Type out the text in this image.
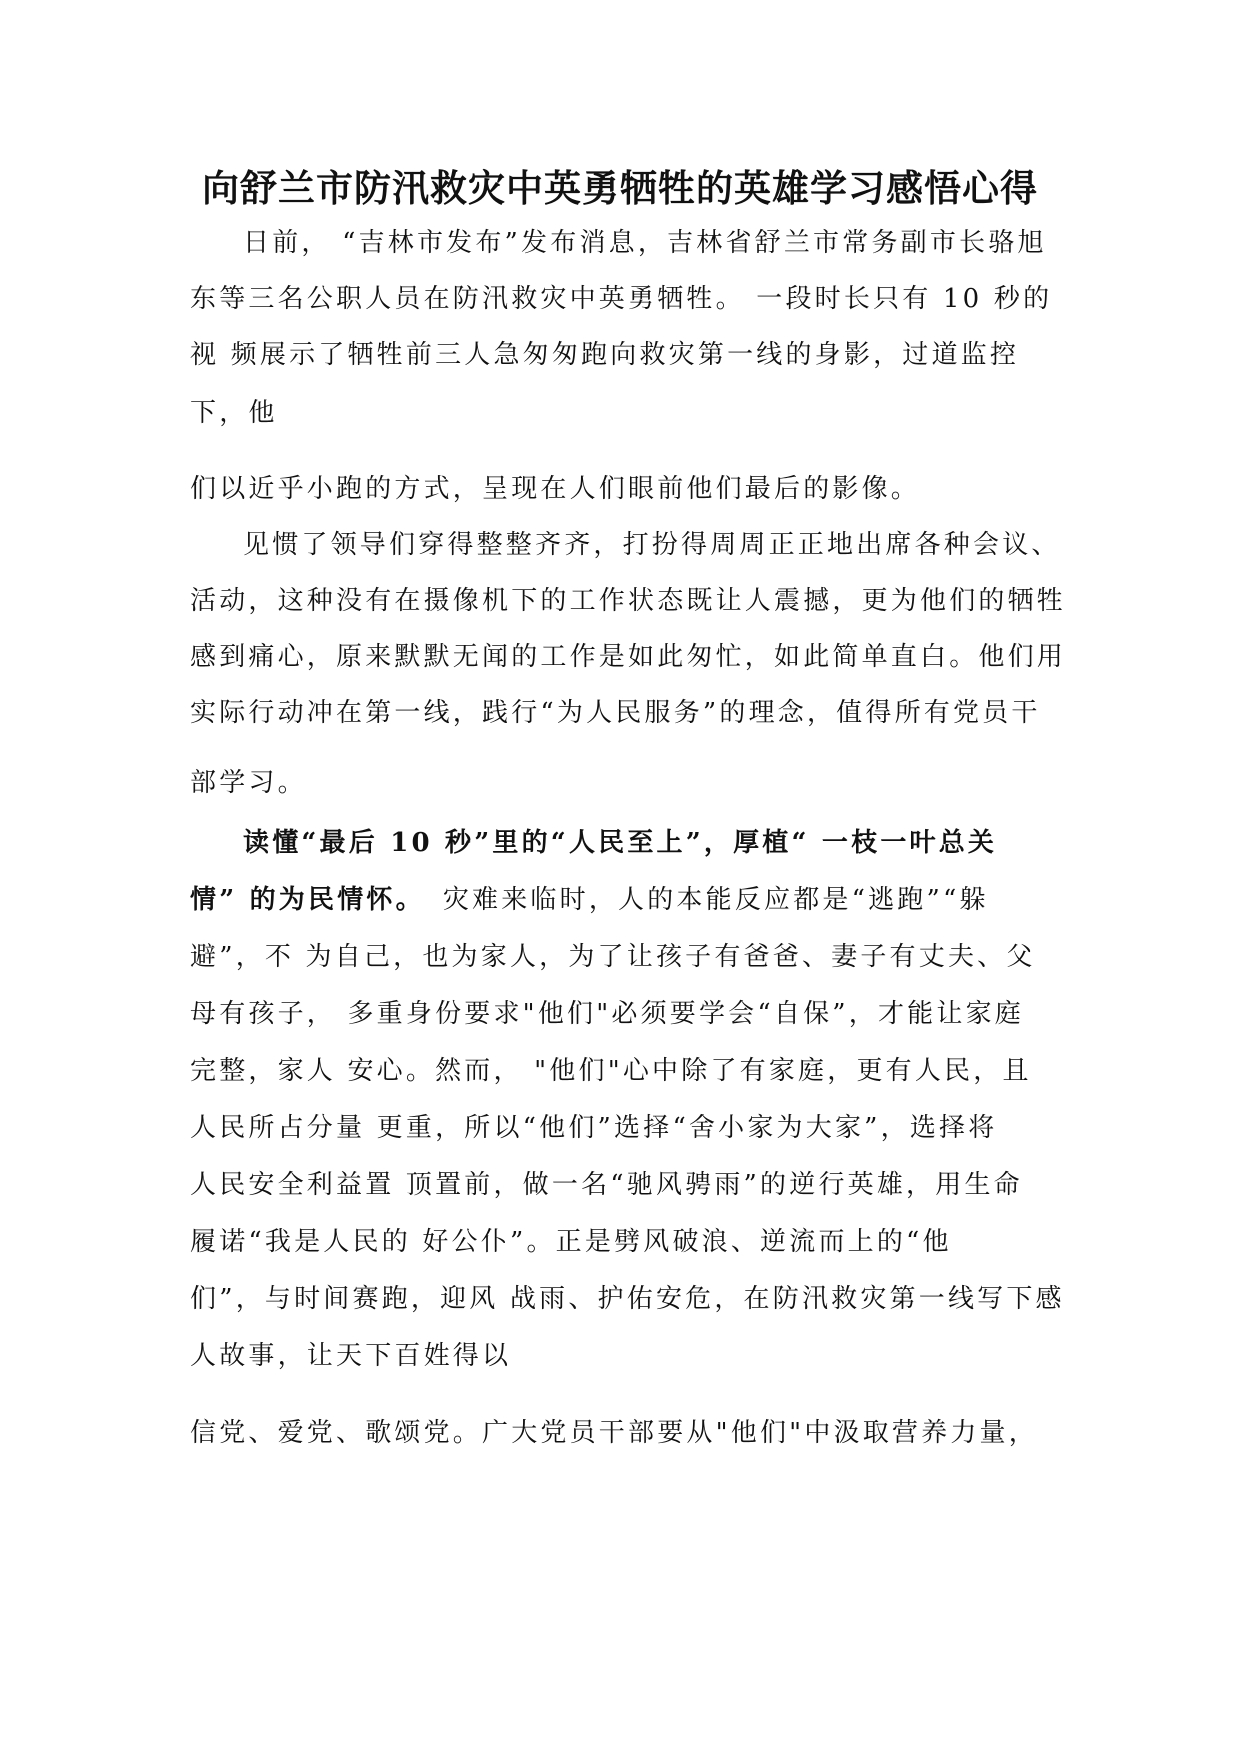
向舒兰市防汛救灾中英勇牺牲的英雄学习感悟心得

日前， “吉林市发布”发布消息，吉林省舒兰市常务副市长骆旭

东等三名公职人员在防汛救灾中英勇牺牲。 一段时长只有 10 秒的

视 频展示了牺牲前三人急匆匆跑向救灾第一线的身影，过道监控

下，他

们以近乎小跑的方式，呈现在人们眼前他们最后的影像。

见惯了领导们穿得整整齐齐，打扮得周周正正地出席各种会议、

活动，这种没有在摄像机下的工作状态既让人震撼，更为他们的牺牲

感到痛心，原来默默无闻的工作是如此匆忙，如此简单直白。他们用

实际行动冲在第一线，践行“为人民服务”的理念，值得所有党员干

部学习。

读懂“最后 10 秒”里的“人民至上”，厚植“ 一枝一叶总关

情” 的为民情怀。 灾难来临时，人的本能反应都是“逃跑”“躲

避”，不 为自己，也为家人，为了让孩子有爸爸、妻子有丈夫、父

母有孩子， 多重身份要求"他们"必须要学会“自保”，才能让家庭

完整，家人 安心。然而， "他们"心中除了有家庭，更有人民，且

人民所占分量 更重，所以“他们”选择“舍小家为大家”，选择将

人民安全利益置 顶置前，做一名“驰风骋雨”的逆行英雄，用生命

履诺“我是人民的 好公仆”。正是劈风破浪、逆流而上的“他

们”，与时间赛跑，迎风 战雨、护佑安危，在防汛救灾第一线写下感

人故事，让天下百姓得以

信党、爱党、歌颂党。广大党员干部要从"他们"中汲取营养力量，
